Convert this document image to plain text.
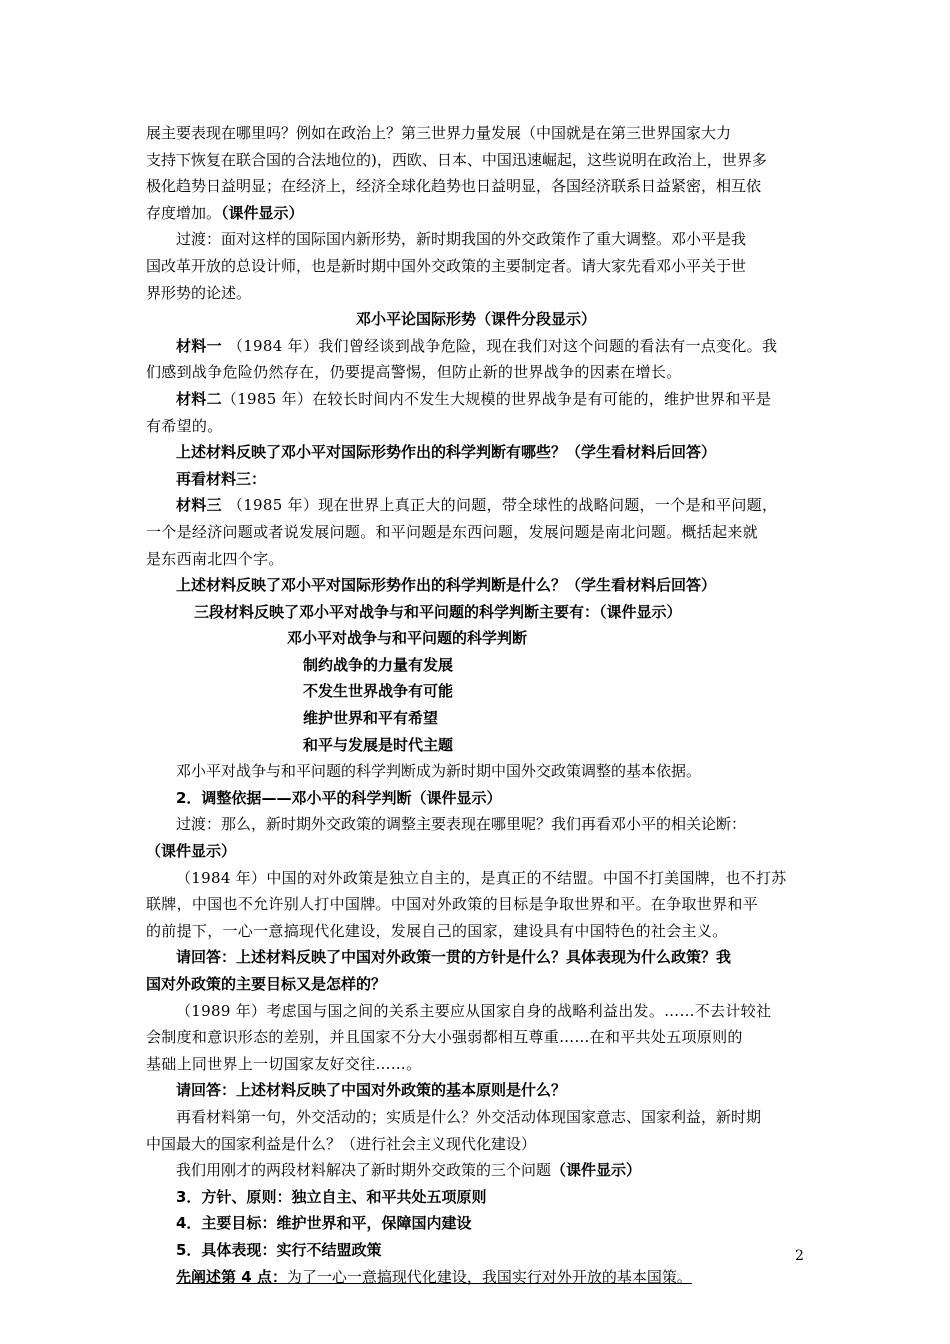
展主要表现在哪里吗？例如在政治上？第三世界力量发展（中国就是在第三世界国家大力
支持下恢复在联合国的合法地位的)，西欧、日本、中国迅速崛起，这些说明在政治上，世界多
极化趋势日益明显；在经济上，经济全球化趋势也日益明显，各国经济联系日益紧密，相互依
存度增加。（课件显示）
过渡：面对这样的国际国内新形势，新时期我国的外交政策作了重大调整。邓小平是我
国改革开放的总设计师，也是新时期中国外交政策的主要制定者。请大家先看邓小平关于世
界形势的论述。
邓小平论国际形势（课件分段显示）
材料一 （1984 年）我们曾经谈到战争危险，现在我们对这个问题的看法有一点变化。我
们感到战争危险仍然存在，仍要提高警惕，但防止新的世界战争的因素在增长。
材料二（1985 年）在较长时间内不发生大规模的世界战争是有可能的，维护世界和平是
有希望的。
上述材料反映了邓小平对国际形势作出的科学判断有哪些？（学生看材料后回答）
再看材料三：
材料三 （1985 年）现在世界上真正大的问题，带全球性的战略问题，一个是和平问题，
一个是经济问题或者说发展问题。和平问题是东西问题，发展问题是南北问题。概括起来就
是东西南北四个字。
上述材料反映了邓小平对国际形势作出的科学判断是什么？（学生看材料后回答）
三段材料反映了邓小平对战争与和平问题的科学判断主要有：（课件显示）
邓小平对战争与和平问题的科学判断
制约战争的力量有发展
不发生世界战争有可能
维护世界和平有希望
和平与发展是时代主题
邓小平对战争与和平问题的科学判断成为新时期中国外交政策调整的基本依据。
2．调整依据——邓小平的科学判断（课件显示）
过渡：那么，新时期外交政策的调整主要表现在哪里呢？我们再看邓小平的相关论断：
（课件显示）
（1984 年）中国的对外政策是独立自主的，是真正的不结盟。中国不打美国牌，也不打苏
联牌，中国也不允许别人打中国牌。中国对外政策的目标是争取世界和平。在争取世界和平
的前提下，一心一意搞现代化建设，发展自己的国家，建设具有中国特色的社会主义。
请回答：上述材料反映了中国对外政策一贯的方针是什么？具体表现为什么政策？我
国对外政策的主要目标又是怎样的？
（1989 年）考虑国与国之间的关系主要应从国家自身的战略利益出发。……不去计较社
会制度和意识形态的差别，并且国家不分大小强弱都相互尊重……在和平共处五项原则的
基础上同世界上一切国家友好交往……。
请回答：上述材料反映了中国对外政策的基本原则是什么？
再看材料第一句，外交活动的；实质是什么？外交活动体现国家意志、国家利益，新时期
中国最大的国家利益是什么？（进行社会主义现代化建设）
我们用刚才的两段材料解决了新时期外交政策的三个问题（课件显示）
3．方针、原则：独立自主、和平共处五项原则
4．主要目标：维护世界和平，保障国内建设
5．具体表现：实行不结盟政策
先阐述第 4 点：为了一心一意搞现代化建设，我国实行对外开放的基本国策。
2
